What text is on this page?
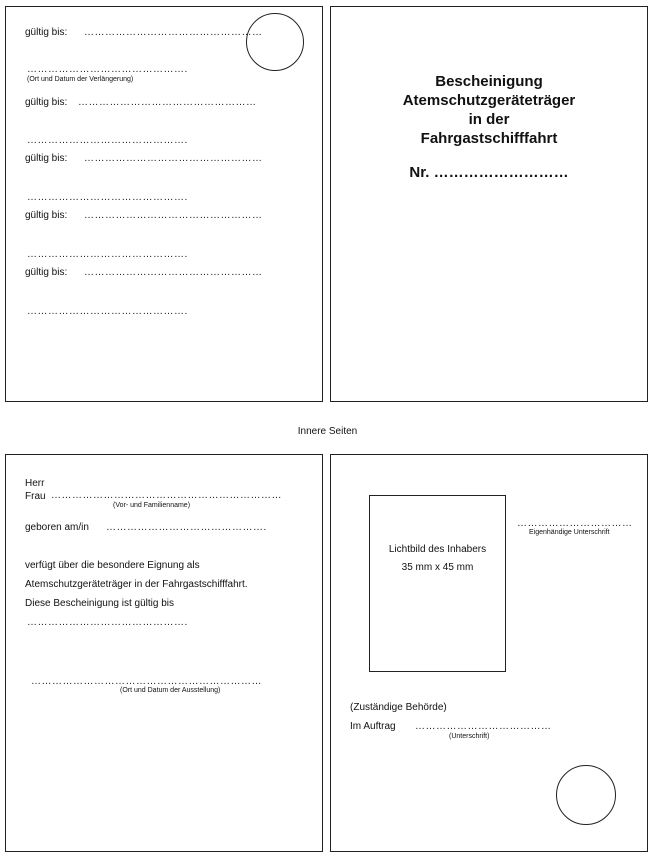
gültig bis: ……………………………………………
……………………………………….
(Ort und Datum der Verlängerung)
gültig bis: ……………………………………………
……………………………………….
gültig bis: ……………………………………………
……………………………………….
gültig bis: ……………………………………………
……………………………………….
gültig bis: ……………………………………………
……………………………………….
Bescheinigung
Atemschutzgeräteträger
in der
Fahrgastschifffahrt
Nr. ………………………
Innere Seiten
Herr
Frau …………………………………………………………
(Vor- und Familienname)
geboren am/in ……………………………………….
verfügt über die besondere Eignung als
Atemschutzgeräteträger in der Fahrgastschifffahrt.
Diese Bescheinigung ist gültig bis
……………………………………….
…………………………………………………………
(Ort und Datum der Ausstellung)
Lichtbild des Inhabers
35 mm x 45 mm
……………………………
Eigenhändige Unterschrift
(Zuständige Behörde)
Im Auftrag …………………………………
(Unterschrift)
